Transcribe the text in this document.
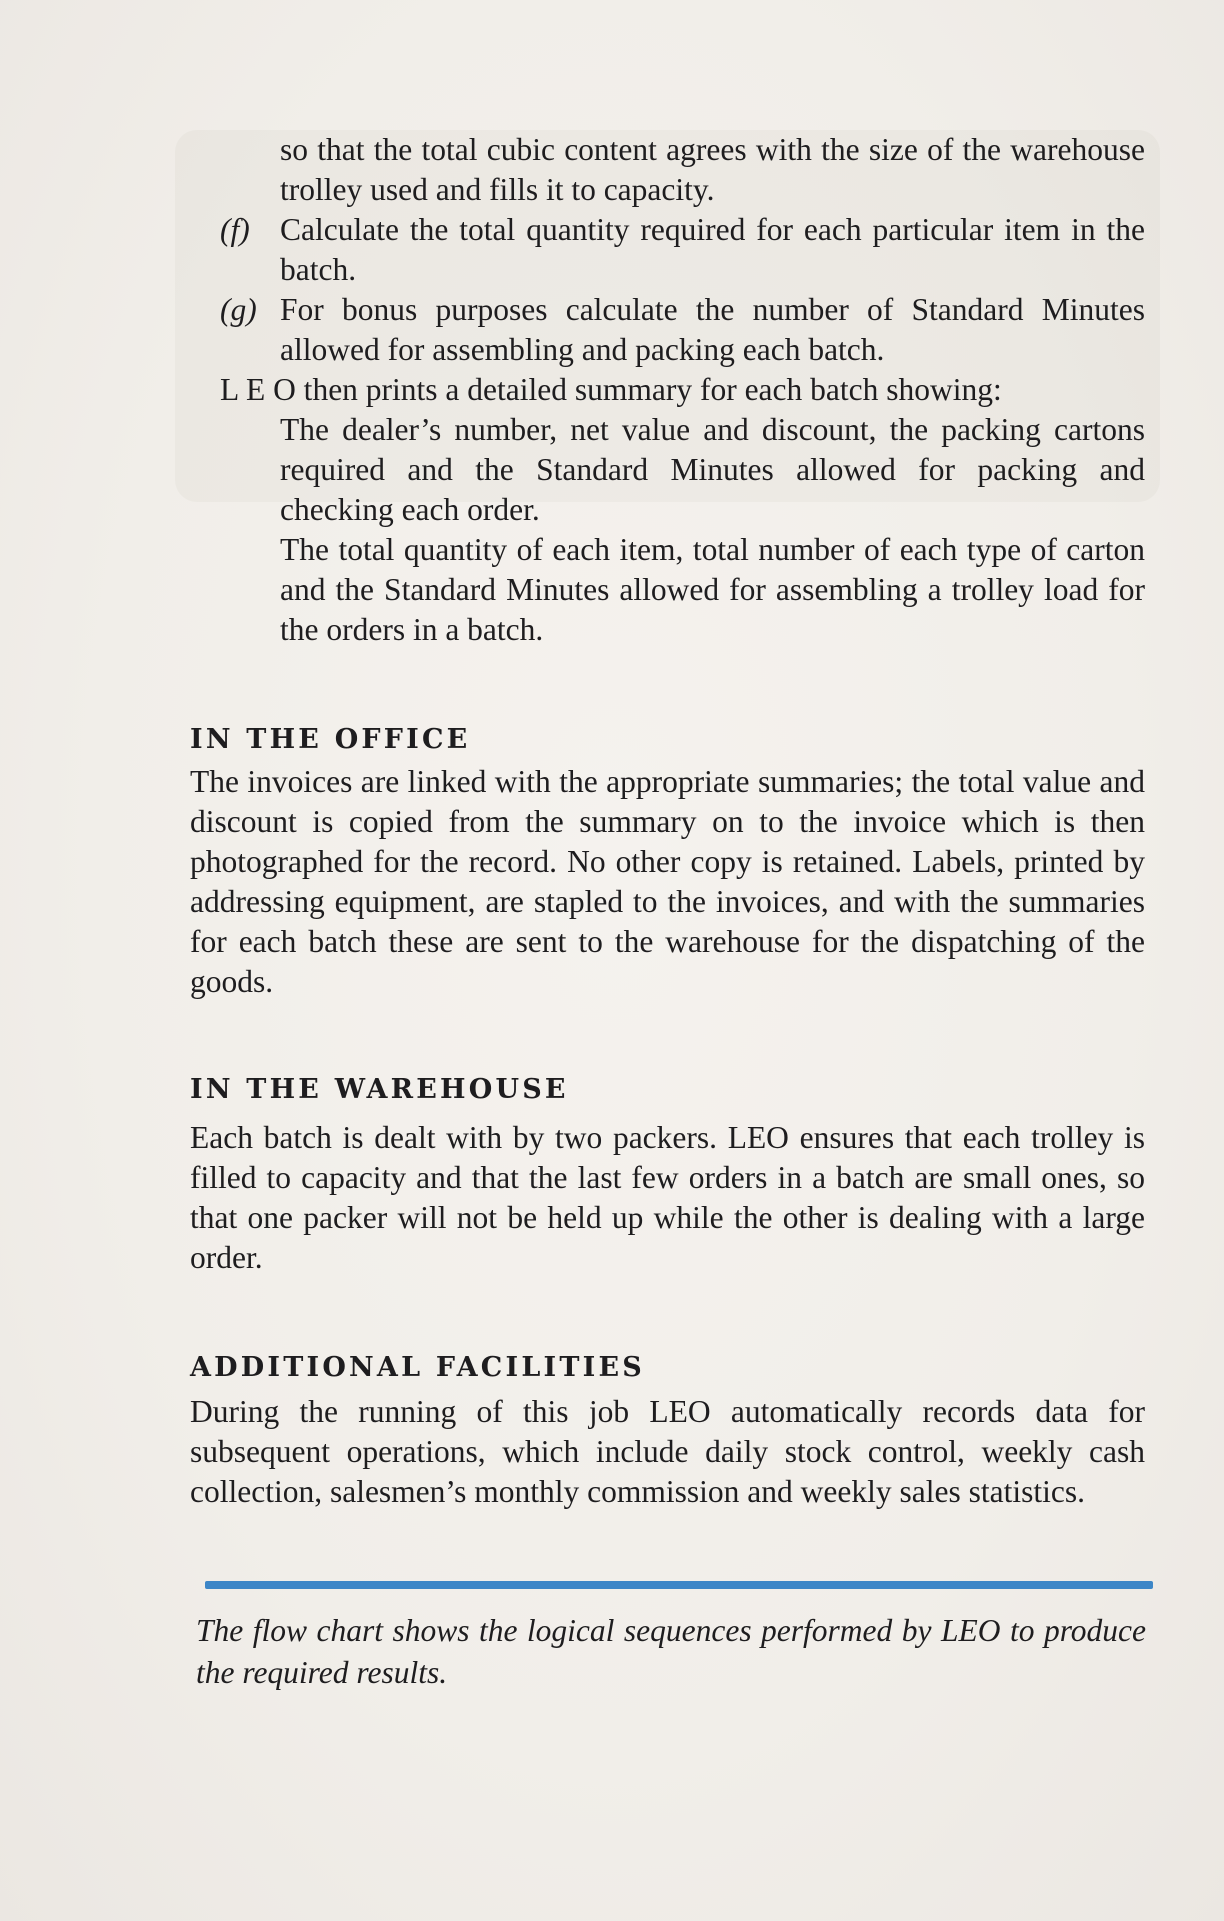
so that the total cubic content agrees with the size of the warehouse trolley used and fills it to capacity.

(f) Calculate the total quantity required for each particular item in the batch.
(g) For bonus purposes calculate the number of Standard Minutes allowed for assembling and packing each batch.

L E O then prints a detailed summary for each batch showing:

The dealer’s number, net value and discount, the packing cartons required and the Standard Minutes allowed for packing and checking each order.

The total quantity of each item, total number of each type of carton and the Standard Minutes allowed for assembling a trolley load for the orders in a batch.

IN THE OFFICE

The invoices are linked with the appropriate summaries; the total value and discount is copied from the summary on to the invoice which is then photographed for the record. No other copy is retained. Labels, printed by addressing equipment, are stapled to the invoices, and with the summaries for each batch these are sent to the warehouse for the dispatching of the goods.

IN THE WAREHOUSE

Each batch is dealt with by two packers. LEO ensures that each trolley is filled to capacity and that the last few orders in a batch are small ones, so that one packer will not be held up while the other is dealing with a large order.

ADDITIONAL FACILITIES

During the running of this job LEO automatically records data for subsequent operations, which include daily stock control, weekly cash collection, salesmen’s monthly commission and weekly sales statistics.

The flow chart shows the logical sequences performed by LEO to produce the required results.
